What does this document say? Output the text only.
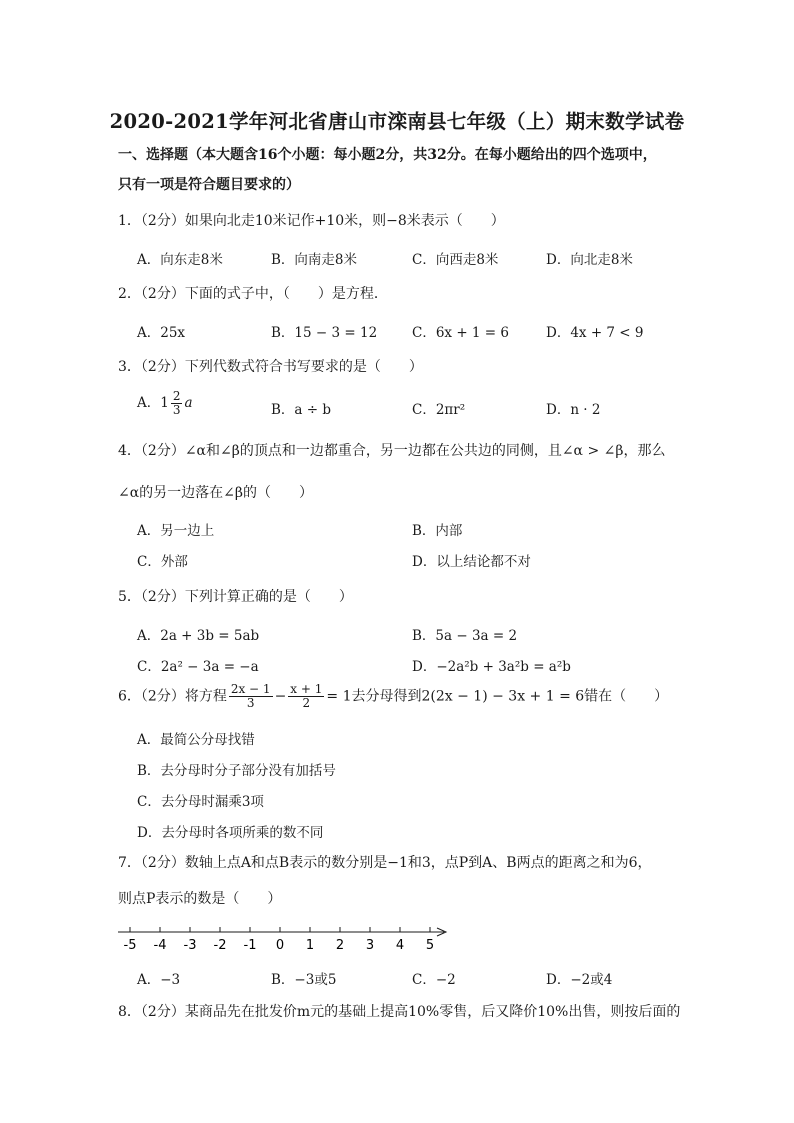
2020-2021学年河北省唐山市滦南县七年级（上）期末数学试卷
一、选择题（本大题含16个小题：每小题2分，共32分。在每小题给出的四个选项中，
只有一项是符合题目要求的）
1．（2分）如果向北走10米记作+10米，则−8米表示（　　）
A．向东走8米	B．向南走8米	C．向西走8米	D．向北走8米
2．（2分）下面的式子中，（　　）是方程．
A．25x	B．15 − 3 = 12	C．6x + 1 = 6	D．4x + 7 < 9
3．（2分）下列代数式符合书写要求的是（　　）
A．$1 \frac{2}{3}$ a	B．a ÷ b	C．2πr²	D．n · 2
4．（2分）∠α和∠β的顶点和一边都重合，另一边都在公共边的同侧，且∠α > ∠β，那么
∠α的另一边落在∠β的（　　）
A．另一边上	B．内部
C．外部	D．以上结论都不对
5．（2分）下列计算正确的是（　　）
A．2a + 3b = 5ab	B．5a − 3a = 2
C．2a² − 3a = −a	D．−2a²b + 3a²b = a²b
6．（2分）将方程 $\frac{2x - 1}{3} - \frac{x + 1}{2} = 1$去分母得到2(2x − 1) − 3x + 1 = 6错在（　　）
A．最简公分母找错
B．去分母时分子部分没有加括号
C．去分母时漏乘3项
D．去分母时各项所乘的数不同
7．（2分）数轴上点A和点B表示的数分别是−1和3，点P到A、B两点的距离之和为6，
则点P表示的数是（　　）
-5 -4 -3 -2 -1 0 1 2 3 4 5
A．−3	B．−3或5	C．−2	D．−2或4
8．（2分）某商品先在批发价m元的基础上提高10%零售，后又降价10%出售，则按后面的
